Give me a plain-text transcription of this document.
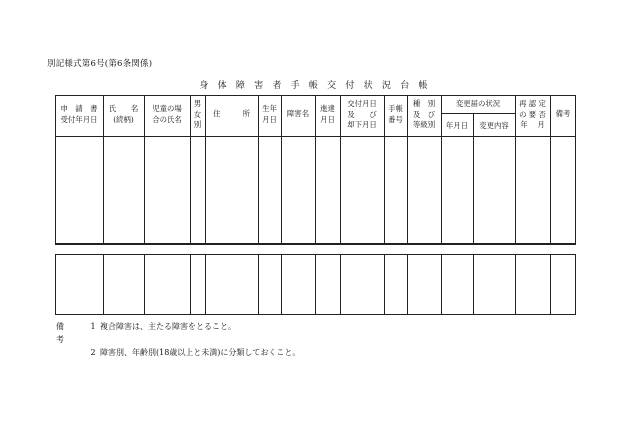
別記様式第6号(第6条関係)
身 体 障 害 者 手 帳 交 付 状 況 台 帳
申　請　書
受付年月日
氏　　名
(続柄)
児童の場
合の氏名
男
女
別
住　　　所
生年
月日
障害名
進達
月日
交付月日
及　　び
却下月日
手帳
番号
種　別
及　び
等級別
変更届の状況
年月日	変更内容
再 認 定
の 要 否
年　 月
備考
備 考
1 複合障害は、主たる障害をとること。
2 障害別、年齢別(18歳以上と未満)に分類しておくこと。
